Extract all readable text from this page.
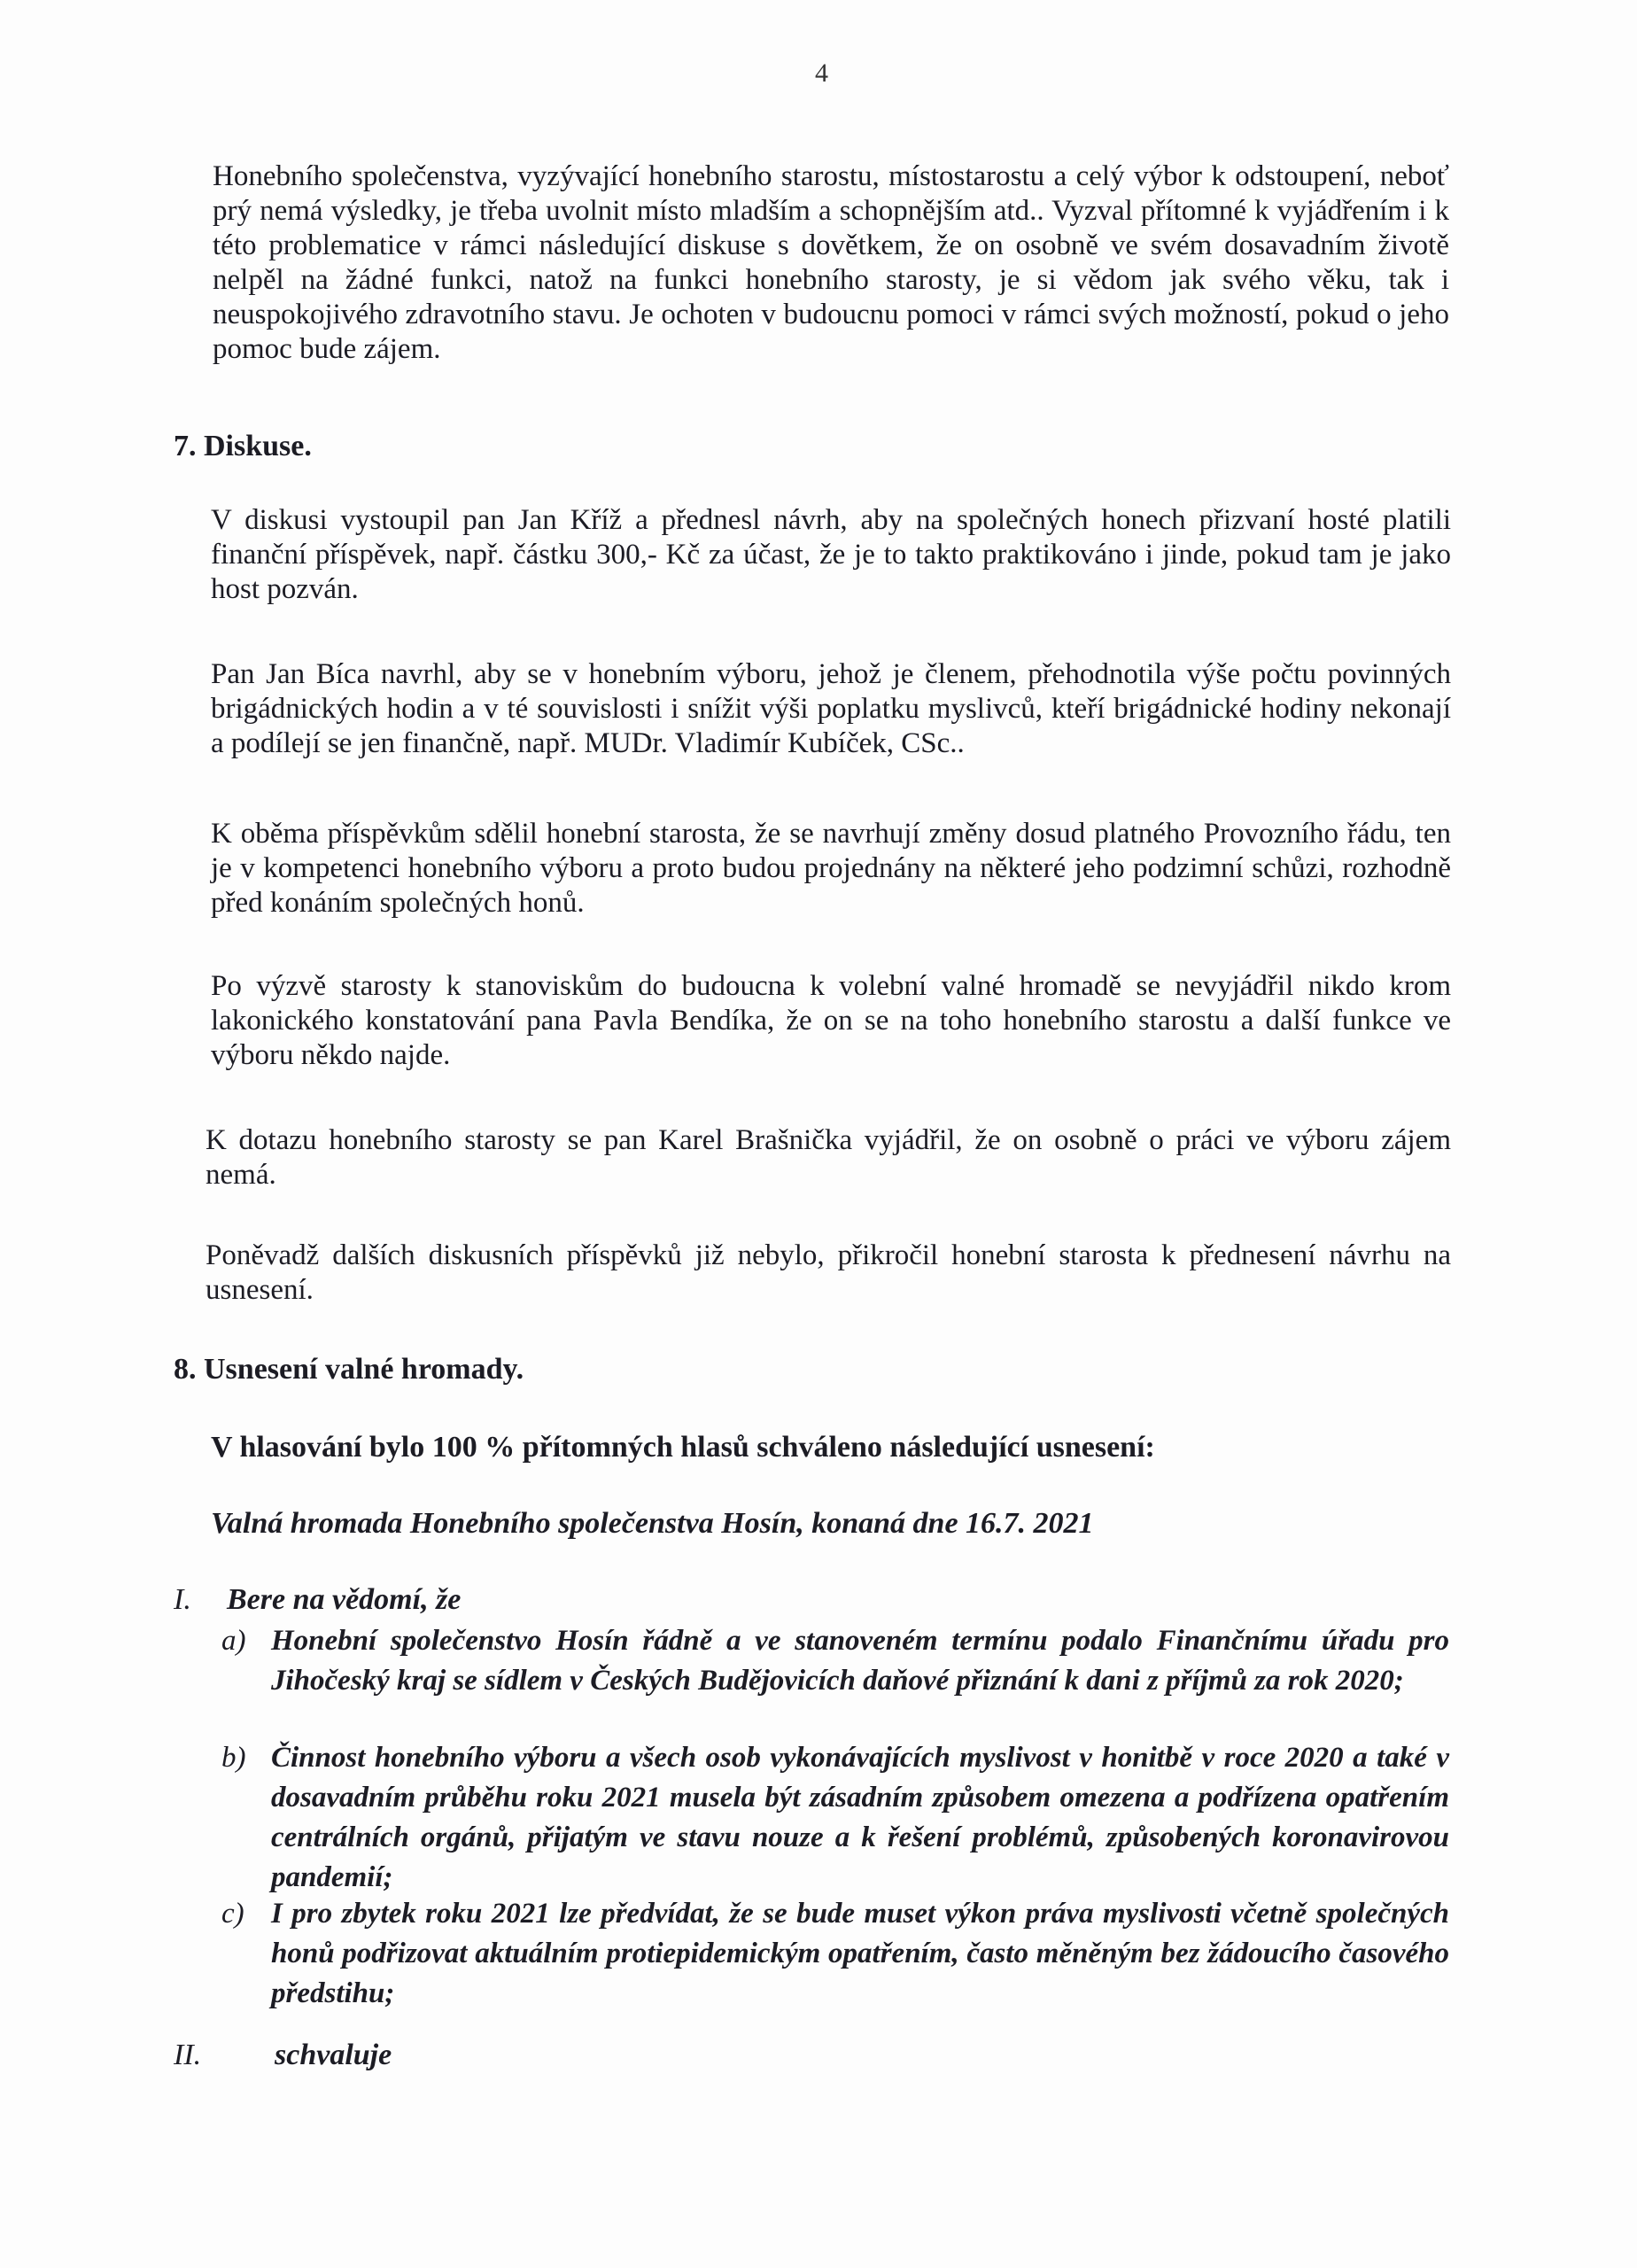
4
Honebního společenstva, vyzývající honebního starostu, místostarostu a celý výbor k odstoupení, neboť prý nemá výsledky, je třeba uvolnit místo mladším a schopnějším atd.. Vyzval přítomné k vyjádřením i k této problematice v rámci následující diskuse s dovětkem, že on osobně ve svém dosavadním životě nelpěl na žádné funkci, natož na funkci honebního starosty, je si vědom jak svého věku, tak i neuspokojivého zdravotního stavu. Je ochoten v budoucnu pomoci v rámci svých možností, pokud o jeho pomoc bude zájem.
7. Diskuse.
V diskusi vystoupil pan Jan Kříž a přednesl návrh, aby na společných honech přizvaní hosté platili finanční příspěvek, např. částku 300,- Kč za účast, že je to takto praktikováno i jinde, pokud tam je jako host pozván.
Pan Jan Bíca navrhl, aby se v honebním výboru, jehož je členem, přehodnotila výše počtu povinných brigádnických hodin a v té souvislosti i snížit výši poplatku myslivců, kteří brigádnické hodiny nekonají a podílejí se jen finančně, např. MUDr. Vladimír Kubíček, CSc..
K oběma příspěvkům sdělil honební starosta, že se navrhují změny dosud platného Provozního řádu, ten je v kompetenci honebního výboru a proto budou projednány na některé jeho podzimní schůzi, rozhodně před konáním společných honů.
Po výzvě starosty k stanoviskům do budoucna k volební valné hromadě se nevyjádřil nikdo krom lakonického konstatování pana Pavla Bendíka, že on se na toho honebního starostu a další funkce ve výboru někdo najde.
K dotazu honebního starosty se pan Karel Brašnička vyjádřil, že on osobně o práci ve výboru zájem nemá.
Poněvadž dalších diskusních příspěvků již nebylo, přikročil honební starosta k přednesení návrhu na usnesení.
8. Usnesení valné hromady.
V hlasování bylo 100 % přítomných hlasů schváleno následující usnesení:
Valná hromada Honebního společenstva Hosín, konaná dne 16.7. 2021
I. Bere na vědomí, že
a) Honební společenstvo Hosín řádně a ve stanoveném termínu podalo Finančnímu úřadu pro Jihočeský kraj se sídlem v Českých Budějovicích daňové přiznání k dani z příjmů za rok 2020;
b) Činnost honebního výboru a všech osob vykonávajících myslivost v honitbě v roce 2020 a také v dosavadním průběhu roku 2021 musela být zásadním způsobem omezena a podřízena opatřením centrálních orgánů, přijatým ve stavu nouze a k řešení problémů, způsobených koronavirovou pandemií;
c) I pro zbytek roku 2021 lze předvídat, že se bude muset výkon práva myslivosti včetně společných honů podřizovat aktuálním protiepidemickým opatřením, často měněným bez žádoucího časového předstihu;
II. schvaluje
